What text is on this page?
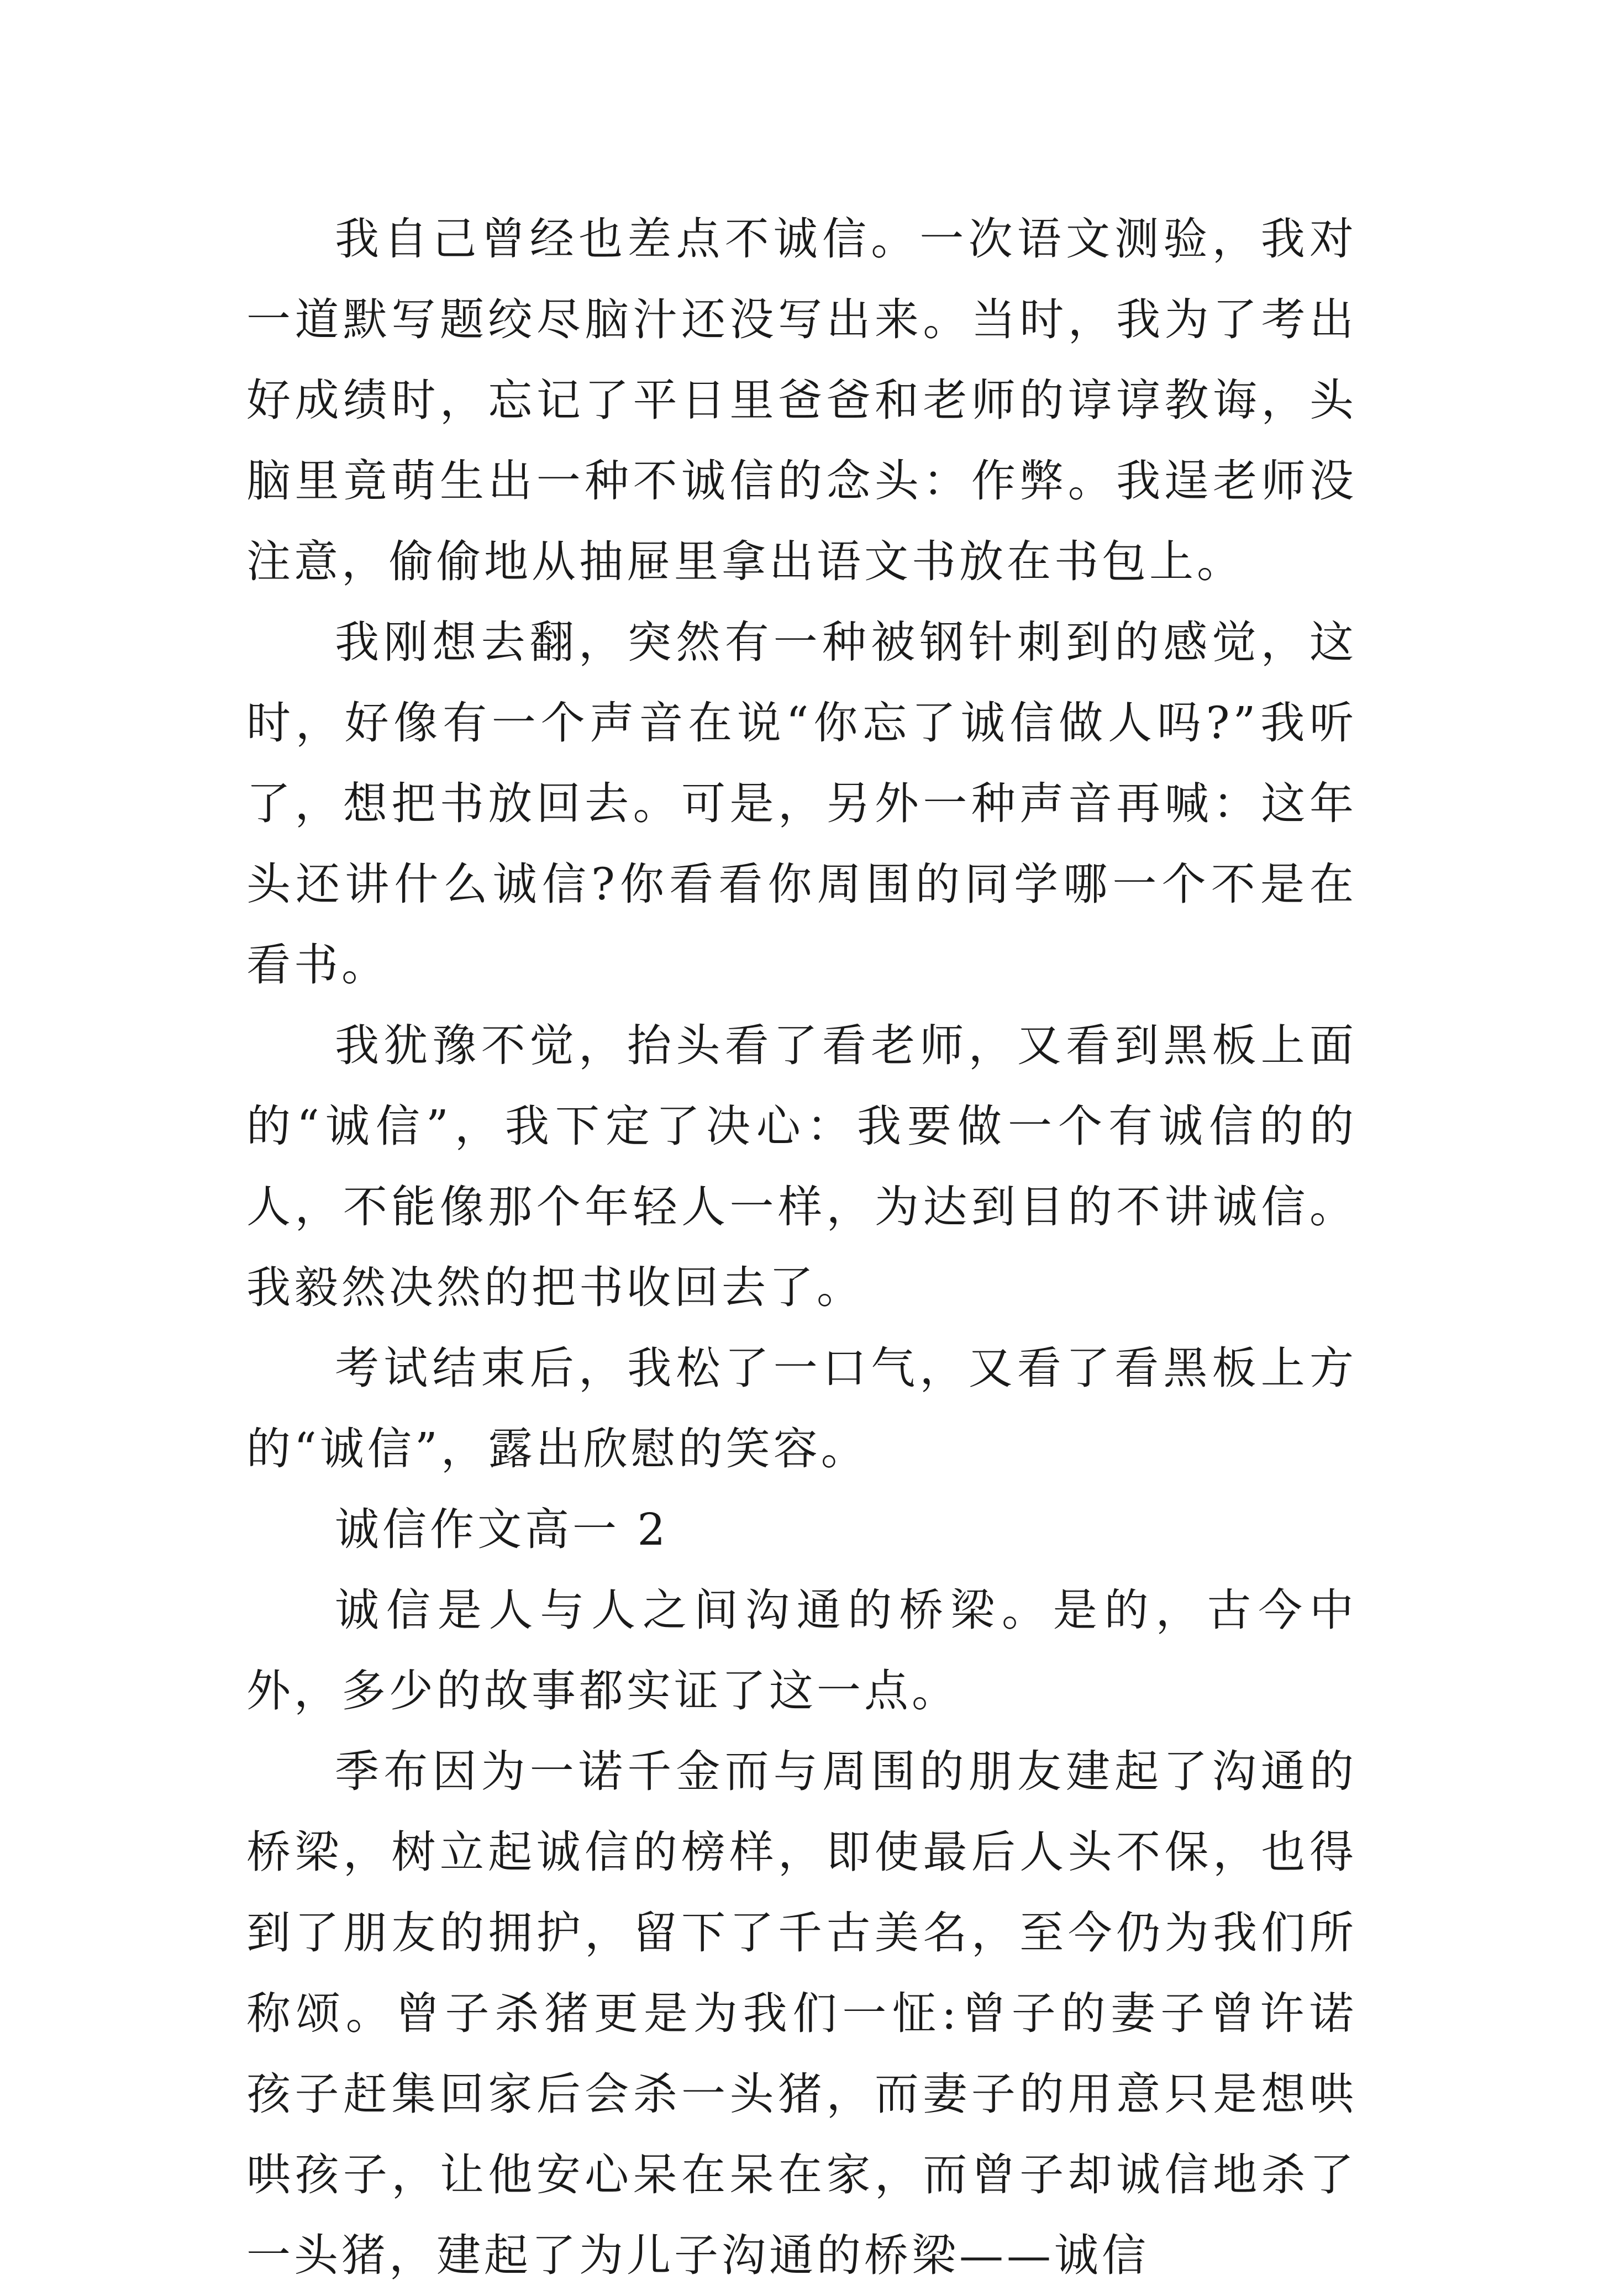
我自己曾经也差点不诚信。一次语文测验，我对一道默写题绞尽脑汁还没写出来。当时，我为了考出好成绩时，忘记了平日里爸爸和老师的谆谆教诲，头脑里竟萌生出一种不诚信的念头：作弊。我逞老师没注意，偷偷地从抽屉里拿出语文书放在书包上。

我刚想去翻，突然有一种被钢针刺到的感觉，这时，好像有一个声音在说“你忘了诚信做人吗?”我听了，想把书放回去。可是，另外一种声音再喊：这年头还讲什么诚信?你看看你周围的同学哪一个不是在看书。

我犹豫不觉，抬头看了看老师，又看到黑板上面的“诚信”，我下定了决心：我要做一个有诚信的的人，不能像那个年轻人一样，为达到目的不讲诚信。我毅然决然的把书收回去了。

考试结束后，我松了一口气，又看了看黑板上方的“诚信”，露出欣慰的笑容。

诚信作文高一 2

诚信是人与人之间沟通的桥梁。是的，古今中外，多少的故事都实证了这一点。

季布因为一诺千金而与周围的朋友建起了沟通的桥梁，树立起诚信的榜样，即使最后人头不保，也得到了朋友的拥护，留下了千古美名，至今仍为我们所称颂。曾子杀猪更是为我们一怔:曾子的妻子曾许诺孩子赶集回家后会杀一头猪，而妻子的用意只是想哄哄孩子，让他安心呆在呆在家，而曾子却诚信地杀了一头猪，建起了为儿子沟通的桥梁——诚信
